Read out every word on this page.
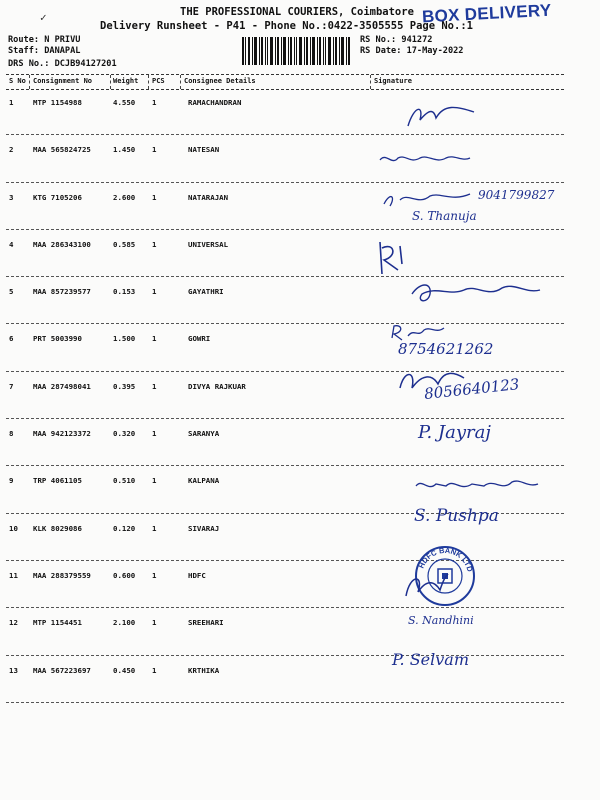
✓	THE PROFESSIONAL COURIERS, Coimbatore
Delivery Runsheet - P41 - Phone No.:0422-3505555 Page No.:1
BOX DELIVERY
Route: N PRIVU
Staff: DANAPAL
DRS No.: DCJB94127201
RS No.: 941272
RS Date: 17-May-2022
S No Consignment No	Weight PCS	Consignee Details	Signature
1	MTP 1154988	4.550 1	RAMACHANDRAN
2	MAA 565824725	1.450 1	NATESAN
3	KTG 7105206	2.600 1	NATARAJAN
4	MAA 286343100	0.585 1	UNIVERSAL
5	MAA 857239577	0.153 1	GAYATHRI
6	PRT 5003990	1.500 1	GOWRI
7	MAA 287498041	0.395 1	DIVYA RAJKUAR
8	MAA 942123372	0.320 1	SARANYA
9	TRP 4061105	0.510 1	KALPANA
10 KLK 8029086	0.120 1	SIVARAJ
11 MAA 288379559	0.600 1	HDFC
12 MTP 1154451	2.100 1	SREEHARI
13 MAA 567223697	0.450 1	KRTHIKA
9041799827
S. Thanuja
8754621262
8056640123
P. Jayraj
S. Pushpa
HDFC BANK LTD
S. Nandhini
P. Selvam
